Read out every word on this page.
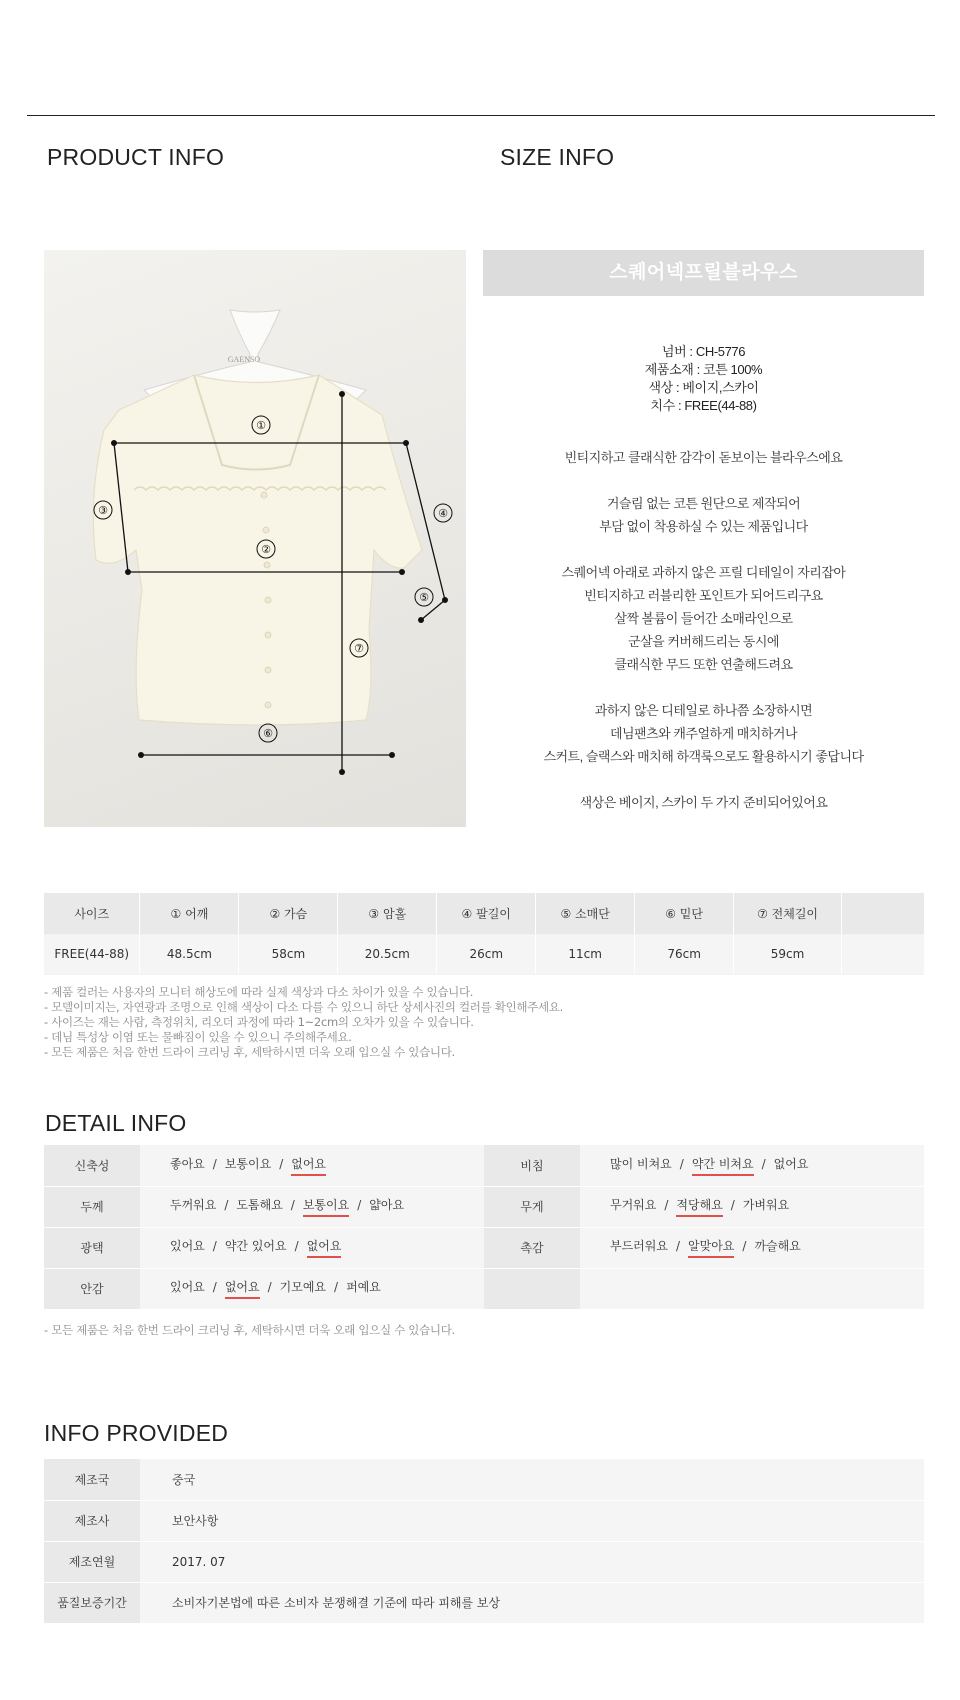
PRODUCT INFO	SIZE INFO
GAENSO
①
②
③	④
⑤
⑥
⑦
스퀘어넥프릴블라우스
넘버 : CH-5776
제품소재 : 코튼 100%
색상 : 베이지,스카이
치수 : FREE(44-88)
빈티지하고 클래식한 감각이 돋보이는 블라우스에요
거슬림 없는 코튼 원단으로 제작되어
부담 없이 착용하실 수 있는 제품입니다
스퀘어넥 아래로 과하지 않은 프릴 디테일이 자리잡아
빈티지하고 러블리한 포인트가 되어드리구요
살짝 볼륨이 들어간 소매라인으로
군살을 커버해드리는 동시에
클래식한 무드 또한 연출해드려요
과하지 않은 디테일로 하나쯤 소장하시면
데님팬츠와 캐주얼하게 매치하거나
스커트, 슬랙스와 매치해 하객룩으로도 활용하시기 좋답니다
색상은 베이지, 스카이 두 가지 준비되어있어요
사이즈	① 어깨	② 가슴	③ 암홀	④ 팔길이	⑤ 소매단	⑥ 밑단	⑦ 전체길이	
FREE(44-88)	48.5cm	58cm	20.5cm	26cm	11cm	76cm	59cm	
- 제품 컬러는 사용자의 모니터 해상도에 따라 실제 색상과 다소 차이가 있을 수 있습니다.
- 모델이미지는, 자연광과 조명으로 인해 색상이 다소 다를 수 있으니 하단 상세사진의 컬러를 확인해주세요.
- 사이즈는 재는 사람, 측정위치, 리오더 과정에 따라 1~2cm의 오차가 있을 수 있습니다.
- 데님 특성상 이염 또는 물빠짐이 있을 수 있으니 주의해주세요.
- 모든 제품은 처음 한번 드라이 크리닝 후, 세탁하시면 더욱 오래 입으실 수 있습니다.
DETAIL INFO
신축성	좋아요 / 보통이요 / 없어요	비침	많이 비쳐요 / 약간 비쳐요 / 없어요
두께	두꺼워요 / 도톰해요 / 보통이요 / 얇아요	무게	무거워요 / 적당해요 / 가벼워요
광택	있어요 / 약간 있어요 / 없어요	촉감	부드러워요 / 알맞아요 / 까슬해요
안감	있어요 / 없어요 / 기모예요 / 퍼예요		
- 모든 제품은 처음 한번 드라이 크리닝 후, 세탁하시면 더욱 오래 입으실 수 있습니다.
INFO PROVIDED
제조국	중국
제조사	보안사항
제조연월	2017. 07
품질보증기간	소비자기본법에 따른 소비자 분쟁해결 기준에 따라 피해를 보상
